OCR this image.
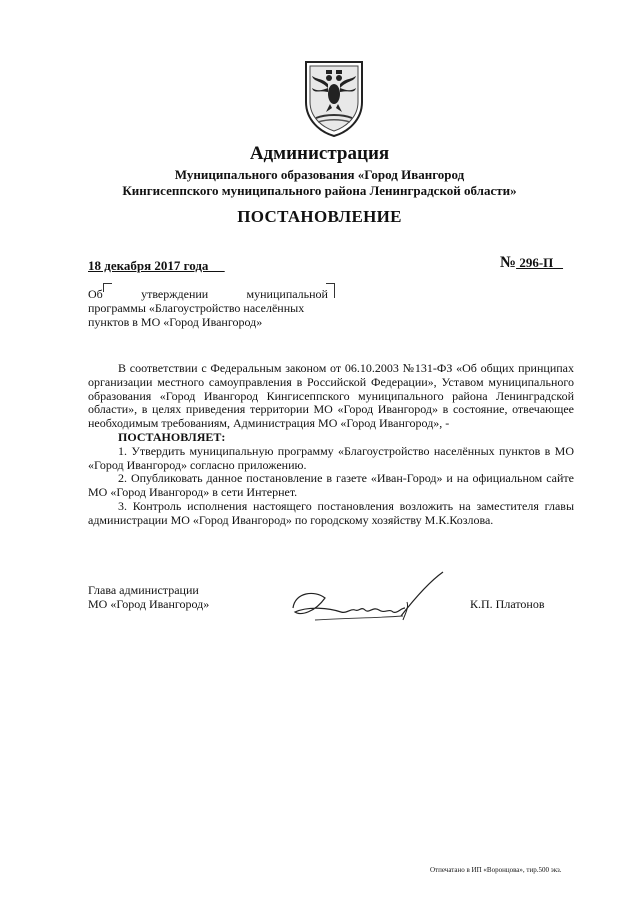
Администрация
Муниципального образования «Город Ивангород
Кингисеппского муниципального района Ленинградской области»
ПОСТАНОВЛЕНИЕ
18 декабря 2017 года	№ 296-П
Об	утверждении	муниципальной
программы «Благоустройство населённых пунктов в МО «Город Ивангород»

В соответствии с Федеральным законом от 06.10.2003 №131-ФЗ «Об общих принципах организации местного самоуправления в Российской Федерации», Уставом муниципального образования «Город Ивангород Кингисеппского муниципального района Ленинградской области», в целях приведения территории МО «Город Ивангород» в состояние, отвечающее необходимым требованиям, Администрация МО «Город Ивангород», -

ПОСТАНОВЛЯЕТ:

1. Утвердить муниципальную программу «Благоустройство населённых пунктов в МО «Город Ивангород» согласно приложению.

2. Опубликовать данное постановление в газете «Иван-Город» и на официальном сайте МО «Город Ивангород» в сети Интернет.

3. Контроль исполнения настоящего постановления возложить на заместителя главы администрации МО «Город Ивангород» по городскому хозяйству М.К.Козлова.

Глава администрации
МО «Город Ивангород»	К.П. Платонов
Отпечатано в ИП «Воронцова», тир.500 экз.
